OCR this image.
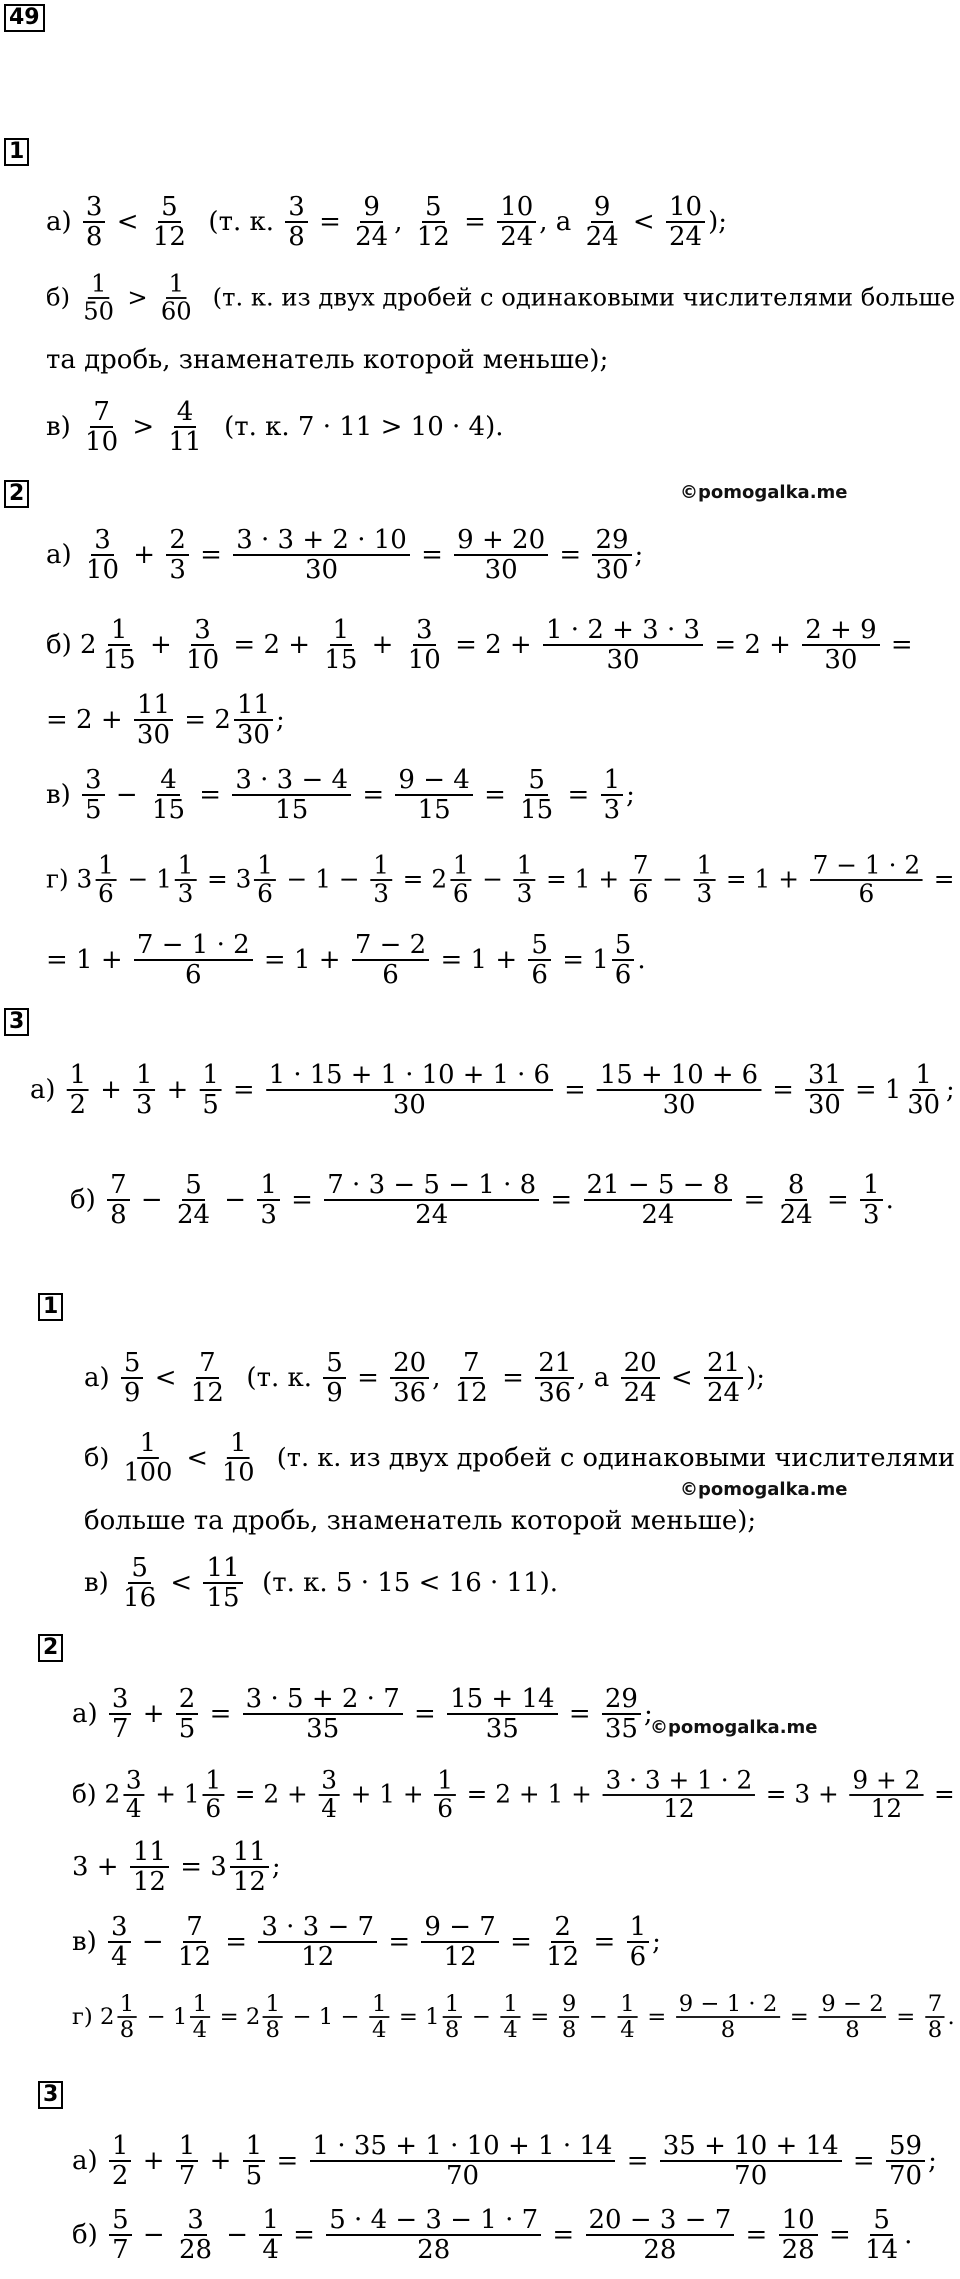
49
©pomogalka.me
©pomogalka.me
©pomogalka.me
1
$а) \frac{3}{8} < \frac{5}{12} (т$. к. $\frac{3}{8} = \frac{9}{24}$ , $\frac{5}{12} = \frac{10}{24}$ , а $\frac{9}{24} < \frac{10}{24}$ );
$б) \frac{1}{50} > \frac{1}{60} (т$. к. из двух дробей с одинаковыми числителями больше
та дробь, знаменатель которой меньше);
$в) \frac{7}{10} > \frac{4}{11} (т$. к. 7 · 11 > 10 · 4).
2
$а) \frac{3}{10} + \frac{2}{3} = \frac{3 \cdot 3 + 2 \cdot 10}{30} = \frac{9 + 20}{30} = \frac{29}{30}$ ;
б) $2 \frac{1}{15} + \frac{3}{10} = 2 + \frac{1}{15} + \frac{3}{10} = 2 + \frac{1 \cdot 2 + 3 \cdot 3}{30} = 2 + \frac{2 + 9}{30}$ =
= $2 + \frac{11}{30} = 2 \frac{11}{30}$ ;
$в) \frac{3}{5} - \frac{4}{15} = \frac{3 \cdot 3 - 4}{15} = \frac{9 - 4}{15} = \frac{5}{15} = \frac{1}{3}$ ;
г) $3 \frac{1}{6} - 1 \frac{1}{3} = 3 \frac{1}{6} - 1 - \frac{1}{3} = 2 \frac{1}{6} - \frac{1}{3} = 1 + \frac{7}{6} - \frac{1}{3} = 1 + \frac{7 - 1 \cdot 2}{6}$ =
= $1 + \frac{7 - 1 \cdot 2}{6} = 1 + \frac{7 - 2}{6} = 1 + \frac{5}{6} = 1 \frac{5}{6}$ .
3
$а) \frac{1}{2} + \frac{1}{3} + \frac{1}{5} = \frac{1 \cdot 15 + 1 \cdot 10 + 1 \cdot 6}{30} = \frac{15 + 10 + 6}{30} = \frac{31}{30} = 1 \frac{1}{30}$ ;
$б) \frac{7}{8} - \frac{5}{24} - \frac{1}{3} = \frac{7 \cdot 3 - 5 - 1 \cdot 8}{24} = \frac{21 - 5 - 8}{24} = \frac{8}{24} = \frac{1}{3}$ .
1
$а) \frac{5}{9} < \frac{7}{12} (т$. к. $\frac{5}{9} = \frac{20}{36}$ , $\frac{7}{12} = \frac{21}{36}$ , а $\frac{20}{24} < \frac{21}{24}$ );
$б) \frac{1}{100} < \frac{1}{10} (т$. к. из двух дробей с одинаковыми числителями
больше та дробь, знаменатель которой меньше);
$в) \frac{5}{16} < \frac{11}{15} (т$. к. 5 · 15 < 16 · 11).
2
$а) \frac{3}{7} + \frac{2}{5} = \frac{3 \cdot 5 + 2 \cdot 7}{35} = \frac{15 + 14}{35} = \frac{29}{35}$ ;
б) $2 \frac{3}{4} + 1 \frac{1}{6} = 2 + \frac{3}{4} + 1 + \frac{1}{6} = 2 + 1 + \frac{3 \cdot 3 + 1 \cdot 2}{12} = 3 + \frac{9 + 2}{12}$ =
$3 + \frac{11}{12} = 3 \frac{11}{12}$ ;
$в) \frac{3}{4} - \frac{7}{12} = \frac{3 \cdot 3 - 7}{12} = \frac{9 - 7}{12} = \frac{2}{12} = \frac{1}{6}$ ;
г) $2 \frac{1}{8} - 1 \frac{1}{4} = 2 \frac{1}{8} - 1 - \frac{1}{4} = 1 \frac{1}{8} - \frac{1}{4} = \frac{9}{8} - \frac{1}{4} = \frac{9 - 1 \cdot 2}{8} = \frac{9 - 2}{8} = \frac{7}{8}$ .
3
$а) \frac{1}{2} + \frac{1}{7} + \frac{1}{5} = \frac{1 \cdot 35 + 1 \cdot 10 + 1 \cdot 14}{70} = \frac{35 + 10 + 14}{70} = \frac{59}{70}$ ;
$б) \frac{5}{7} - \frac{3}{28} - \frac{1}{4} = \frac{5 \cdot 4 - 3 - 1 \cdot 7}{28} = \frac{20 - 3 - 7}{28} = \frac{10}{28} = \frac{5}{14}$ .
